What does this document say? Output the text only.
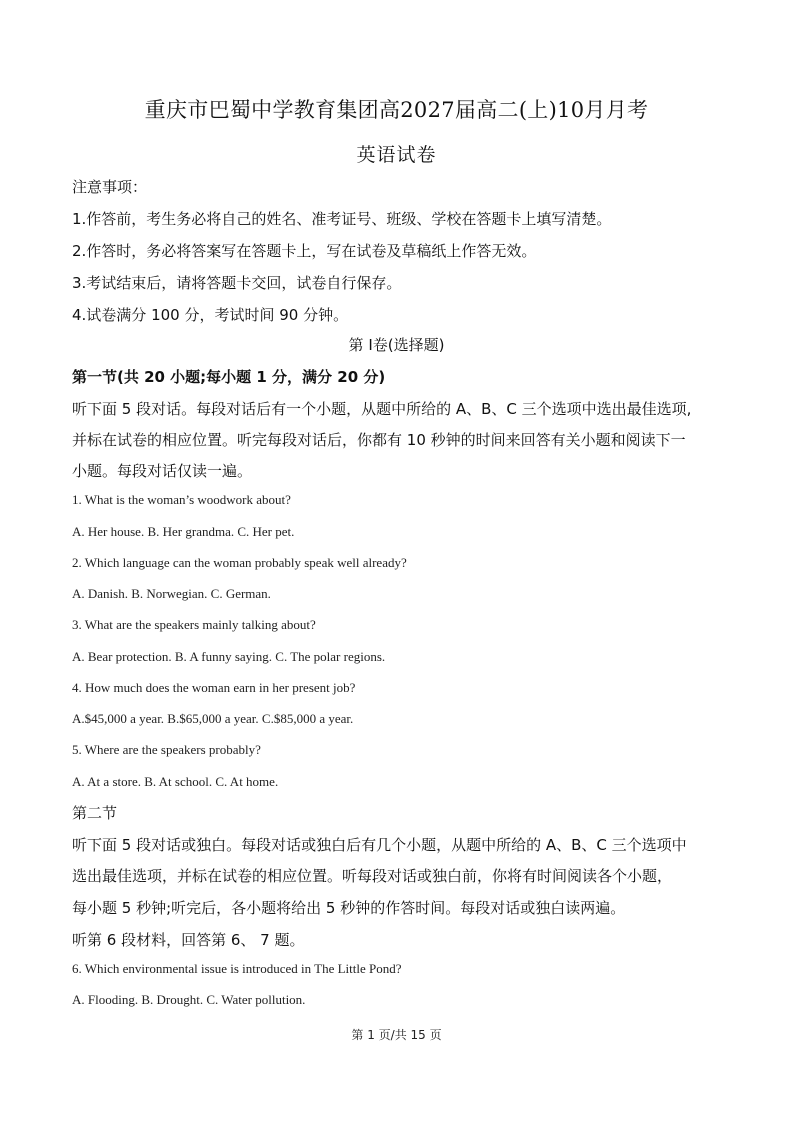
重庆市巴蜀中学教育集团高2027届高二(上)10月月考
英语试卷
注意事项：
1.作答前，考生务必将自己的姓名、准考证号、班级、学校在答题卡上填写清楚。
2.作答时，务必将答案写在答题卡上，写在试卷及草稿纸上作答无效。
3.考试结束后，请将答题卡交回，试卷自行保存。
4.试卷满分 100 分，考试时间 90 分钟。
第 Ⅰ卷(选择题)
第一节(共 20 小题;每小题 1 分，满分 20 分)
听下面 5 段对话。每段对话后有一个小题，从题中所给的 A、B、C 三个选项中选出最佳选项,
并标在试卷的相应位置。听完每段对话后，你都有 10 秒钟的时间来回答有关小题和阅读下一
小题。每段对话仅读一遍。
1. What is the woman’s woodwork about?
A. Her house. B. Her grandma. C. Her pet.
2. Which language can the woman probably speak well already?
A. Danish. B. Norwegian. C. German.
3. What are the speakers mainly talking about?
A. Bear protection. B. A funny saying. C. The polar regions.
4. How much does the woman earn in her present job?
A.$45,000 a year. B.$65,000 a year. C.$85,000 a year.
5. Where are the speakers probably?
A. At a store. B. At school. C. At home.
第二节
听下面 5 段对话或独白。每段对话或独白后有几个小题，从题中所给的 A、B、C 三个选项中
选出最佳选项，并标在试卷的相应位置。听每段对话或独白前，你将有时间阅读各个小题，
每小题 5 秒钟;听完后，各小题将给出 5 秒钟的作答时间。每段对话或独白读两遍。
听第 6 段材料，回答第 6、 7 题。
6. Which environmental issue is introduced in The Little Pond?
A. Flooding. B. Drought. C. Water pollution.
第 1 页/共 15 页
